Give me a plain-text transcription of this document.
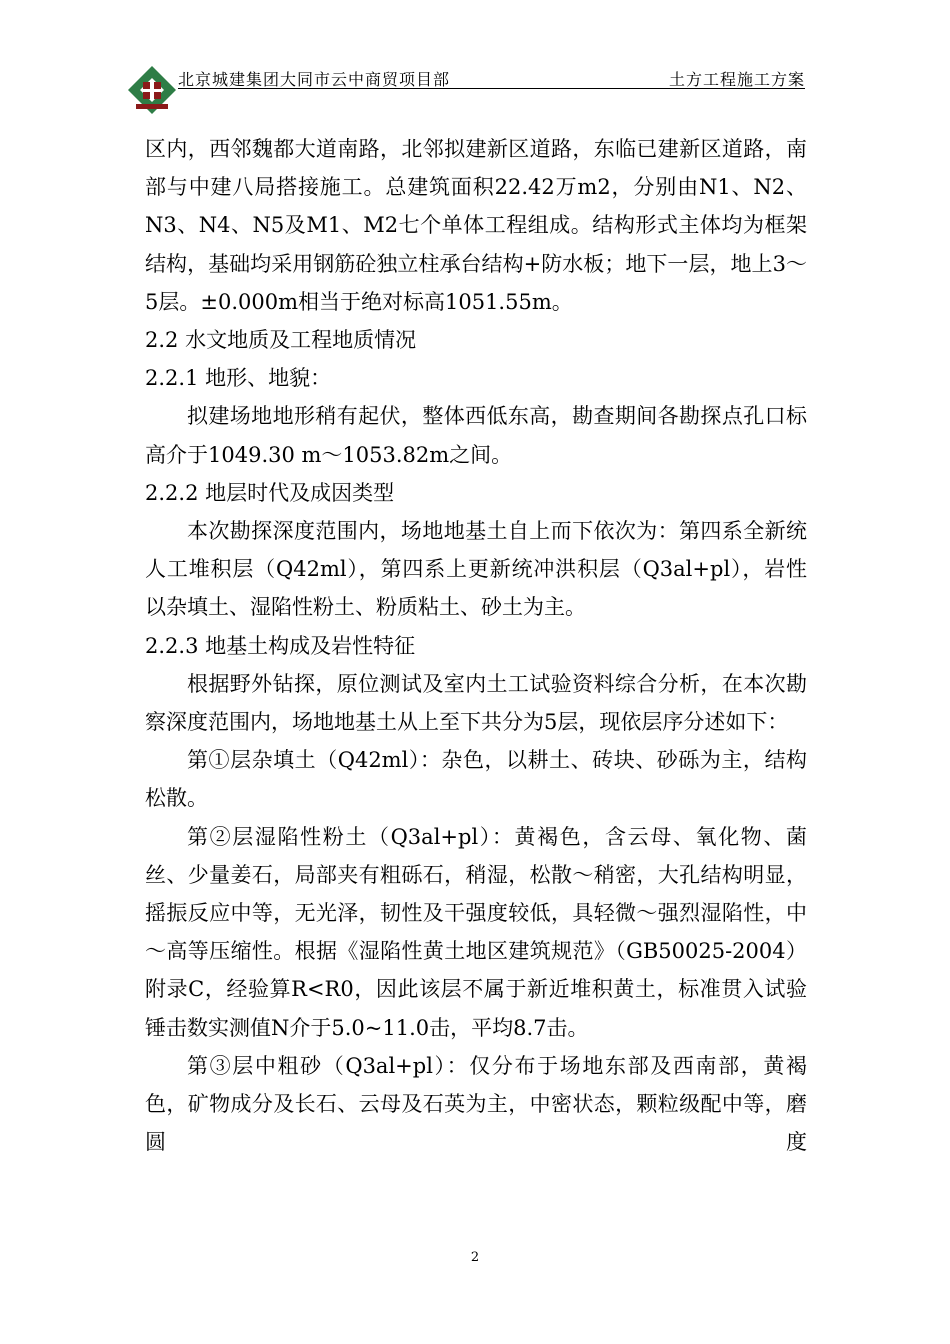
北京城建集团大同市云中商贸项目部	土方工程施工方案

区内，西邻魏都大道南路，北邻拟建新区道路，东临已建新区道路，南部与中建八局搭接施工。总建筑面积22.42万m2，分别由N1、N2、N3、N4、N5及M1、M2七个单体工程组成。结构形式主体均为框架结构，基础均采用钢筋砼独立柱承台结构+防水板；地下一层，地上3～5层。±0.000m相当于绝对标高1051.55m。

2.2 水文地质及工程地质情况

2.2.1 地形、地貌：

拟建场地地形稍有起伏，整体西低东高，勘查期间各勘探点孔口标高介于1049.30 m～1053.82m之间。

2.2.2 地层时代及成因类型

本次勘探深度范围内，场地地基土自上而下依次为：第四系全新统人工堆积层（Q42ml），第四系上更新统冲洪积层（Q3al+pl），岩性以杂填土、湿陷性粉土、粉质粘土、砂土为主。

2.2.3 地基土构成及岩性特征

根据野外钻探，原位测试及室内土工试验资料综合分析，在本次勘察深度范围内，场地地基土从上至下共分为5层，现依层序分述如下：

第①层杂填土（Q42ml）：杂色，以耕土、砖块、砂砾为主，结构松散。

第②层湿陷性粉土（Q3al+pl）：黄褐色，含云母、氧化物、菌丝、少量姜石，局部夹有粗砾石，稍湿，松散～稍密，大孔结构明显，摇振反应中等，无光泽，韧性及干强度较低，具轻微～强烈湿陷性，中～高等压缩性。根据《湿陷性黄土地区建筑规范》（GB50025-2004）附录C，经验算R<R0，因此该层不属于新近堆积黄土，标准贯入试验锤击数实测值N介于5.0~11.0击，平均8.7击。

第③层中粗砂（Q3al+pl）：仅分布于场地东部及西南部，黄褐色，矿物成分及长石、云母及石英为主，中密状态，颗粒级配中等，磨圆度

2
